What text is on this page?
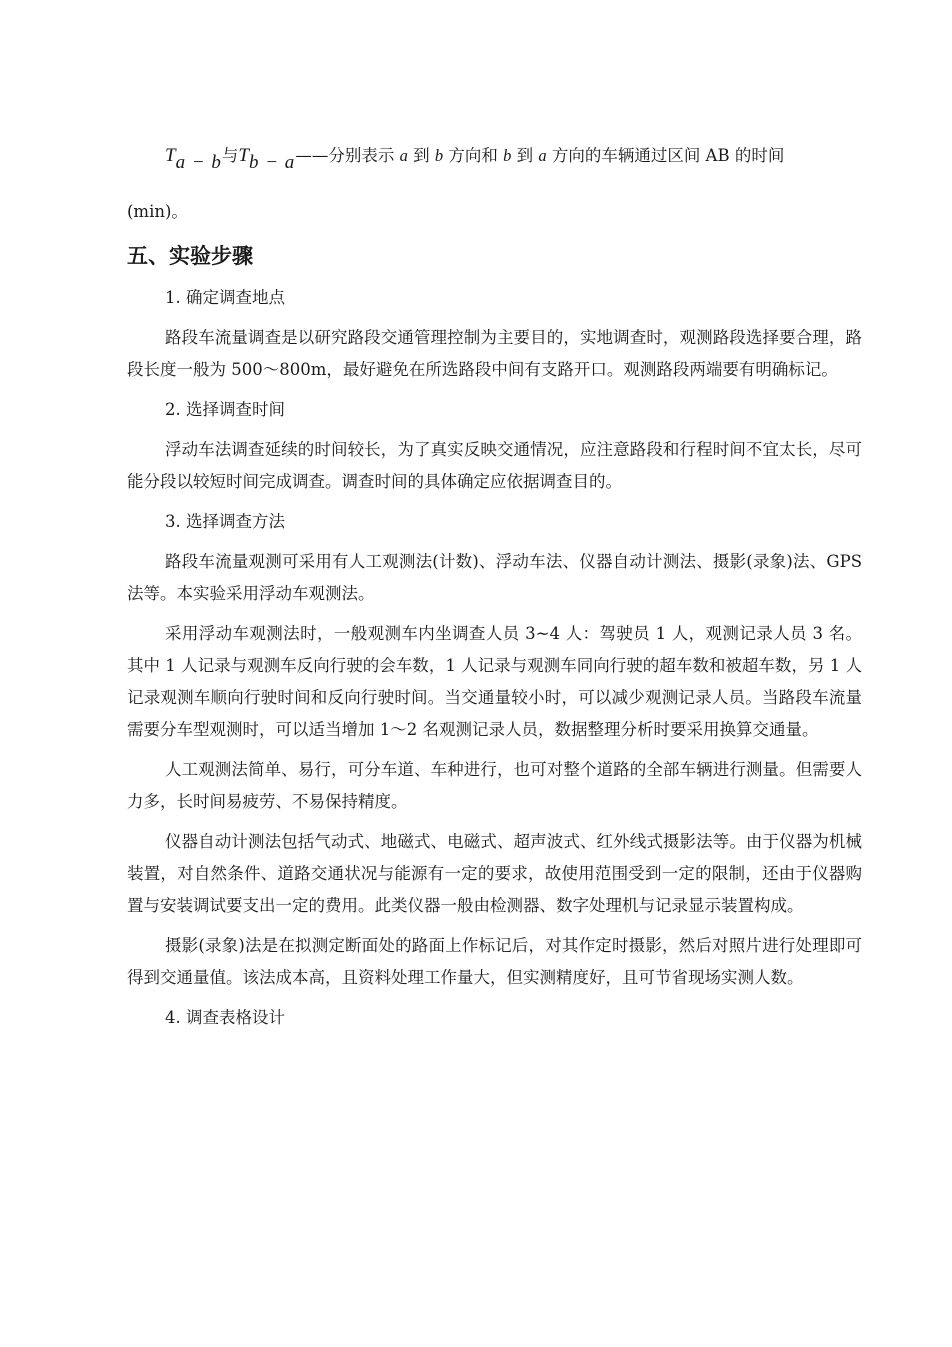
Ta − b与Tb − a——分别表示 a 到 b 方向和 b 到 a 方向的车辆通过区间 AB 的时间

(min)。

五、实验步骤

1. 确定调查地点

路段车流量调查是以研究路段交通管理控制为主要目的，实地调查时，观测路段选择要合理，路段长度一般为 500～800m，最好避免在所选路段中间有支路开口。观测路段两端要有明确标记。

2. 选择调查时间

浮动车法调查延续的时间较长，为了真实反映交通情况，应注意路段和行程时间不宜太长，尽可能分段以较短时间完成调查。调查时间的具体确定应依据调查目的。

3. 选择调查方法

路段车流量观测可采用有人工观测法(计数)、浮动车法、仪器自动计测法、摄影(录象)法、GPS 法等。本实验采用浮动车观测法。

采用浮动车观测法时，一般观测车内坐调查人员 3~4 人：驾驶员 1 人，观测记录人员 3 名。其中 1 人记录与观测车反向行驶的会车数，1 人记录与观测车同向行驶的超车数和被超车数，另 1 人记录观测车顺向行驶时间和反向行驶时间。当交通量较小时，可以减少观测记录人员。当路段车流量需要分车型观测时，可以适当增加 1～2 名观测记录人员，数据整理分析时要采用换算交通量。

人工观测法简单、易行，可分车道、车种进行，也可对整个道路的全部车辆进行测量。但需要人力多，长时间易疲劳、不易保持精度。

仪器自动计测法包括气动式、地磁式、电磁式、超声波式、红外线式摄影法等。由于仪器为机械装置，对自然条件、道路交通状况与能源有一定的要求，故使用范围受到一定的限制，还由于仪器购置与安装调试要支出一定的费用。此类仪器一般由检测器、数字处理机与记录显示装置构成。

摄影(录象)法是在拟测定断面处的路面上作标记后，对其作定时摄影，然后对照片进行处理即可得到交通量值。该法成本高，且资料处理工作量大，但实测精度好，且可节省现场实测人数。

4. 调查表格设计
